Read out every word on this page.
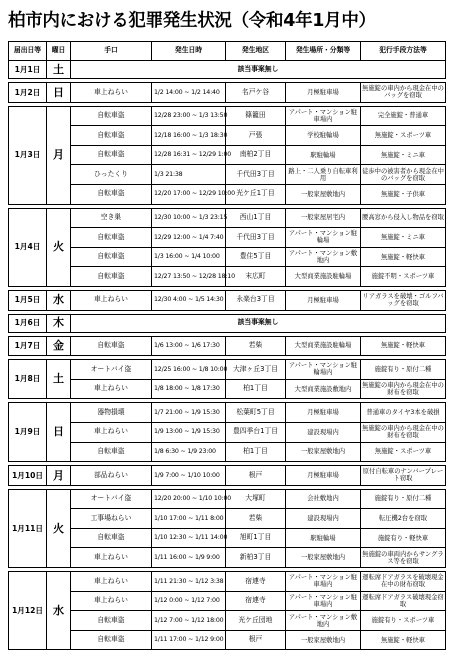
柏市内における犯罪発生状況（令和4年1月中）
届出日等	曜日	手口	発生日時	発生地区	発生場所・分類等	犯行手段方法等
1月1日	土	該当事案無し				

1月2日	日	車上ねらい	1/2 14:00 ~ 1/2 14:40	名戸ケ谷	月極駐車場	無施錠の車内から現金在中のバッグを窃取

1月3日	月	自転車盗	12/28 23:00 ~ 1/3 13:50	篠籠田	アパート・マンション駐車場内	完全施錠・普通車
		自転車盗	12/18 16:00 ~ 1/3 18:30	戸張	学校駐輪場	無施錠・スポーツ車
		自転車盗	12/28 16:31 ~ 12/29 1:00	南柏2丁目	駅駐輪場	無施錠・ミニ車
		ひったくり	1/3 21:38	千代田3丁目	路上・二人乗り自転車利用	徒歩中の被害者から現金在中のバッグを窃取
		自転車盗	12/20 17:00 ~ 12/29 10:00	光ケ丘1丁目	一般家屋敷地内	無施錠・子供車

1月4日	火	空き巣	12/30 10:00 ~ 1/3 23:15	西山1丁目	一般家屋居宅内	腰高窓から侵入し物品を窃取
		自転車盗	12/29 12:00 ~ 1/4 7:40	千代田3丁目	アパート・マンション駐輪場	無施錠・ミニ車
		自転車盗	1/3 16:00 ~ 1/4 10:00	豊住5丁目	アパート・マンション敷地内	無施錠・軽快車
		自転車盗	12/27 13:50 ~ 12/28 18:10	末広町	大型商業施設駐輪場	施錠不明・スポーツ車

1月5日	水	車上ねらい	12/30 4:00 ~ 1/5 14:30	永楽台3丁目	月極駐車場	リアガラスを破壊・ゴルフバッグを窃取

1月6日	木	該当事案無し				

1月7日	金	自転車盗	1/6 13:00 ~ 1/6 17:30	若柴	大型商業施設駐輪場	無施錠・軽快車

1月8日	土	オートバイ盗	12/25 16:00 ~ 1/8 10:00	大津ヶ丘3丁目	アパート・マンション駐輪場内	施錠有り・原付二種
		車上ねらい	1/8 18:00 ~ 1/8 17:30	柏1丁目	大型商業施設敷地内	無施錠の車内から現金在中の財布を窃取

1月9日	日	器物損壊	1/7 21:00 ~ 1/9 15:30	松葉町5丁目	月極駐車場	普通車のタイヤ3本を破損
		車上ねらい	1/9 13:00 ~ 1/9 15:30	豊四季台1丁目	建設現場内	無施錠の車内から現金在中の財布を窃取
		自転車盗	1/8 6:30 ~ 1/9 23:00	柏1丁目	一般家屋敷地内	無施錠・スポーツ車

1月10日	月	部品ねらい	1/9 7:00 ~ 1/10 10:00	根戸	月極駐車場	原付自転車のナンバープレート窃取

1月11日	火	オートバイ盗	12/20 20:00 ~ 1/10 10:00	大塚町	会社敷地内	施錠有り・原付二種
		工事場ねらい	1/10 17:00 ~ 1/11 8:00	若柴	建設現場内	転圧機2台を窃取
		自転車盗	1/10 12:30 ~ 1/11 14:00	旭町1丁目	駅駐輪場	施錠有り・軽快車
		車上ねらい	1/11 16:00 ~ 1/9 9:00	新柏3丁目	一般家屋敷地内	無施錠の車両内からサングラス等を窃取

1月12日	水	車上ねらい	1/11 21:30 ~ 1/12 3:38	宿連寺	アパート・マンション駐車場内	運転席ドアガラスを破壊現金在中の財布窃取
		車上ねらい	1/12 0:00 ~ 1/12 7:00	宿連寺	アパート・マンション駐車場内	運転席ドアガラス破壊現金窃取
		自転車盗	1/12 7:00 ~ 1/12 18:00	光ケ丘団地	アパート・マンション敷地内	施錠有り・スポーツ車
		自転車盗	1/11 17:00 ~ 1/12 9:00	根戸	一般家屋敷地内	無施錠・軽快車
